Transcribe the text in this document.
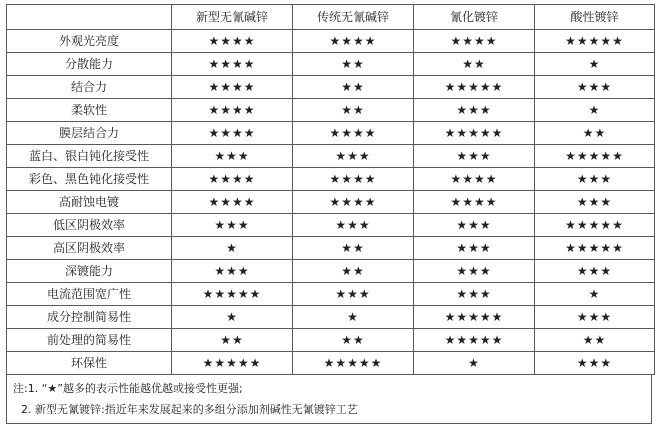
	新型无氰碱锌	传统无氰碱锌	氰化镀锌	酸性镀锌
外观光亮度	★★★★	★★★★	★★★★	★★★★★
分散能力	★★★★	★★	★★	★
结合力	★★★★	★★	★★★★★	★★★
柔软性	★★★★	★★	★★★	★
膜层结合力	★★★★	★★★★	★★★★★	★★
蓝白、银白钝化接受性	★★★	★★★	★★★	★★★★★
彩色、黑色钝化接受性	★★★★	★★★★	★★★★	★★★
高耐蚀电镀	★★★★	★★★★	★★★★	★★★
低区阴极效率	★★★	★★★	★★★	★★★★★
高区阴极效率	★	★★	★★★	★★★★★
深镀能力	★★★	★★	★★★	★★★
电流范围宽广性	★★★★★	★★★	★★★	★
成分控制简易性	★	★	★★★★★	★★★
前处理的简易性	★★	★★	★★★★★	★★
环保性	★★★★★	★★★★★	★	★★★
注:1. “★”越多的表示性能越优越或接受性更强;
2. 新型无氰镀锌:指近年来发展起来的多组分添加剂碱性无氰镀锌工艺
